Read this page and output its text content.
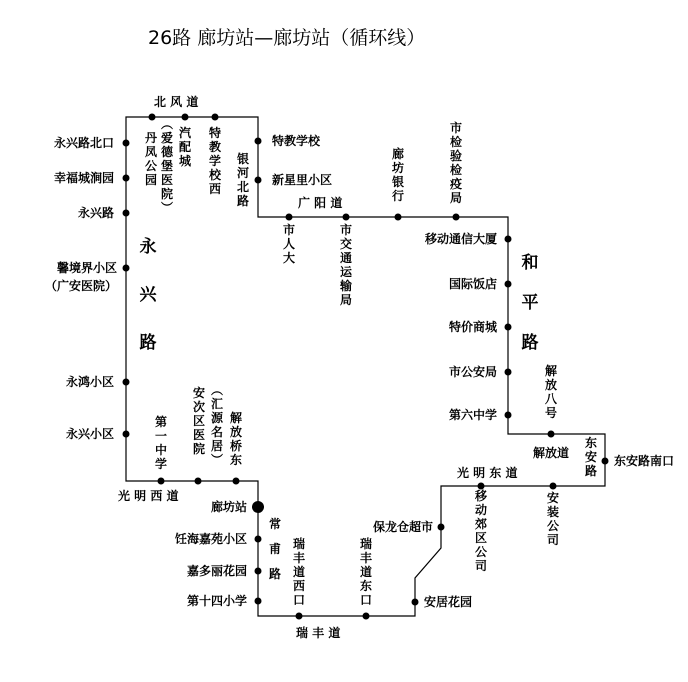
26路 廊坊站—廊坊站（循环线）
北 风 道
广 阳 道
瑞 丰 道
光 明 东 道
光 明 西 道
解放道
永兴路北口
幸福城涧园
永兴路
馨境界小区
（广安医院）
永鸿小区
永兴小区
特教学校
新星里小区
移动通信大厦
国际饭店
特价商城
市公安局
第六中学
东安路南口
保龙仓超市
安居花园
第十四小学
嘉多丽花园
饪海嘉苑小区
廊坊站
︵爱德堡医院︶
丹凤公园
汽配城
特教学校西
银河北路
市人大
市交通运输局
廊坊银行
市检验检疫局
解放八号
东安路
安装公司
移动郊区公司
瑞丰道东口
瑞丰道西口
解放桥东
︵汇源名居︶
安次区医院
第一中学
永兴路
和平路
常甫路
